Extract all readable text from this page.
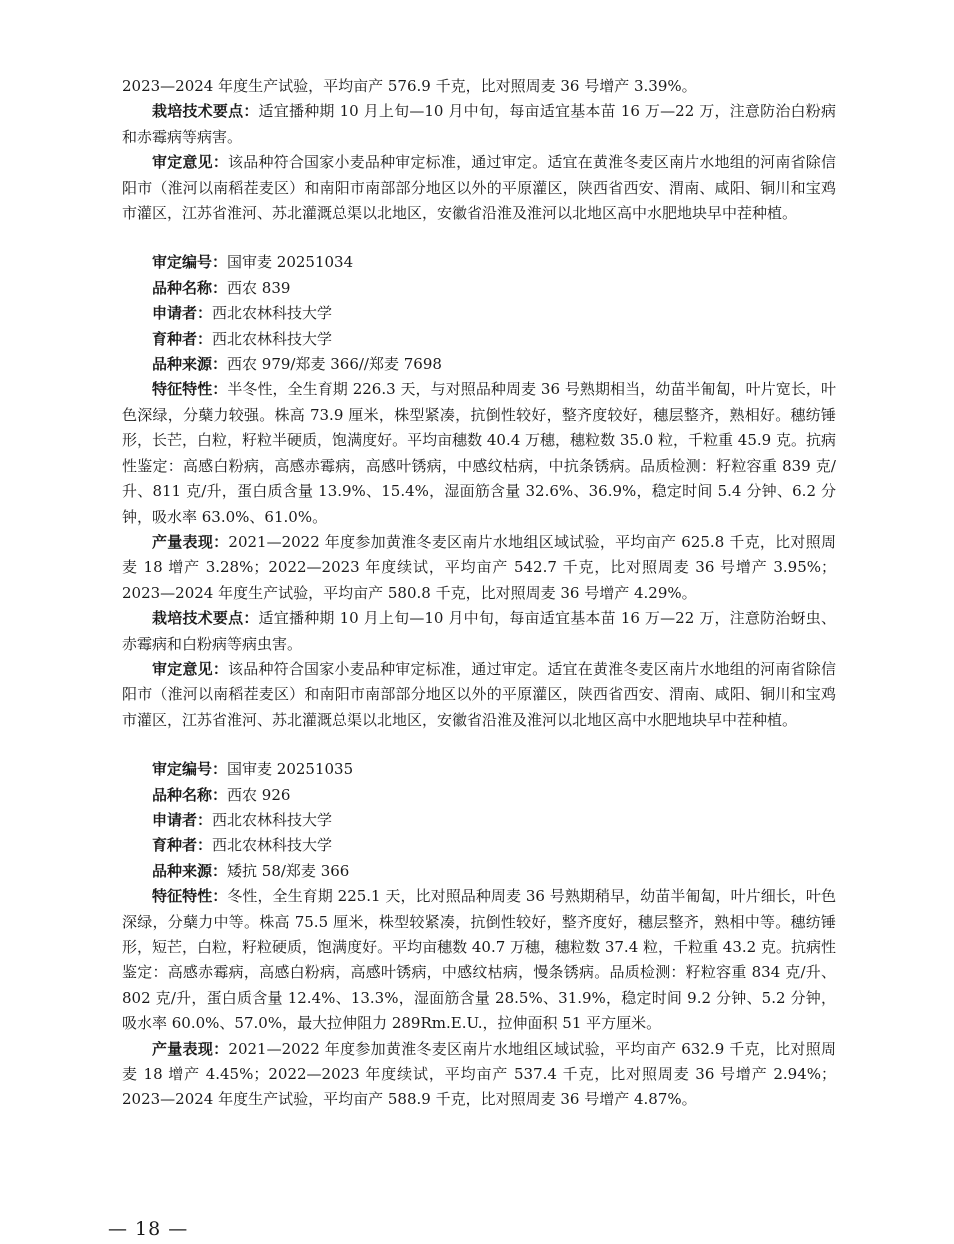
2023—2024 年度生产试验，平均亩产 576.9 千克，比对照周麦 36 号增产 3.39%。

栽培技术要点：适宜播种期 10 月上旬—10 月中旬，每亩适宜基本苗 16 万—22 万，注意防治白粉病和赤霉病等病害。

审定意见：该品种符合国家小麦品种审定标准，通过审定。适宜在黄淮冬麦区南片水地组的河南省除信阳市（淮河以南稻茬麦区）和南阳市南部部分地区以外的平原灌区，陕西省西安、渭南、咸阳、铜川和宝鸡市灌区，江苏省淮河、苏北灌溉总渠以北地区，安徽省沿淮及淮河以北地区高中水肥地块早中茬种植。

审定编号：国审麦 20251034

品种名称：西农 839

申请者：西北农林科技大学

育种者：西北农林科技大学

品种来源：西农 979/郑麦 366//郑麦 7698

特征特性：半冬性，全生育期 226.3 天，与对照品种周麦 36 号熟期相当，幼苗半匍匐，叶片宽长，叶色深绿，分蘖力较强。株高 73.9 厘米，株型紧凑，抗倒性较好，整齐度较好，穗层整齐，熟相好。穗纺锤形，长芒，白粒，籽粒半硬质，饱满度好。平均亩穗数 40.4 万穗，穗粒数 35.0 粒，千粒重 45.9 克。抗病性鉴定：高感白粉病，高感赤霉病，高感叶锈病，中感纹枯病，中抗条锈病。品质检测：籽粒容重 839 克/升、811 克/升，蛋白质含量 13.9%、15.4%，湿面筋含量 32.6%、36.9%，稳定时间 5.4 分钟、6.2 分钟，吸水率 63.0%、61.0%。

产量表现：2021—2022 年度参加黄淮冬麦区南片水地组区域试验，平均亩产 625.8 千克，比对照周麦 18 增产 3.28%；2022—2023 年度续试，平均亩产 542.7 千克，比对照周麦 36 号增产 3.95%；2023—2024 年度生产试验，平均亩产 580.8 千克，比对照周麦 36 号增产 4.29%。

栽培技术要点：适宜播种期 10 月上旬—10 月中旬，每亩适宜基本苗 16 万—22 万，注意防治蚜虫、赤霉病和白粉病等病虫害。

审定意见：该品种符合国家小麦品种审定标准，通过审定。适宜在黄淮冬麦区南片水地组的河南省除信阳市（淮河以南稻茬麦区）和南阳市南部部分地区以外的平原灌区，陕西省西安、渭南、咸阳、铜川和宝鸡市灌区，江苏省淮河、苏北灌溉总渠以北地区，安徽省沿淮及淮河以北地区高中水肥地块早中茬种植。

审定编号：国审麦 20251035

品种名称：西农 926

申请者：西北农林科技大学

育种者：西北农林科技大学

品种来源：矮抗 58/郑麦 366

特征特性：冬性，全生育期 225.1 天，比对照品种周麦 36 号熟期稍早，幼苗半匍匐，叶片细长，叶色深绿，分蘖力中等。株高 75.5 厘米，株型较紧凑，抗倒性较好，整齐度好，穗层整齐，熟相中等。穗纺锤形，短芒，白粒，籽粒硬质，饱满度好。平均亩穗数 40.7 万穗，穗粒数 37.4 粒，千粒重 43.2 克。抗病性鉴定：高感赤霉病，高感白粉病，高感叶锈病，中感纹枯病，慢条锈病。品质检测：籽粒容重 834 克/升、802 克/升，蛋白质含量 12.4%、13.3%，湿面筋含量 28.5%、31.9%，稳定时间 9.2 分钟、5.2 分钟，吸水率 60.0%、57.0%，最大拉伸阻力 289Rm.E.U.，拉伸面积 51 平方厘米。

产量表现：2021—2022 年度参加黄淮冬麦区南片水地组区域试验，平均亩产 632.9 千克，比对照周麦 18 增产 4.45%；2022—2023 年度续试，平均亩产 537.4 千克，比对照周麦 36 号增产 2.94%；2023—2024 年度生产试验，平均亩产 588.9 千克，比对照周麦 36 号增产 4.87%。

— 18 —
